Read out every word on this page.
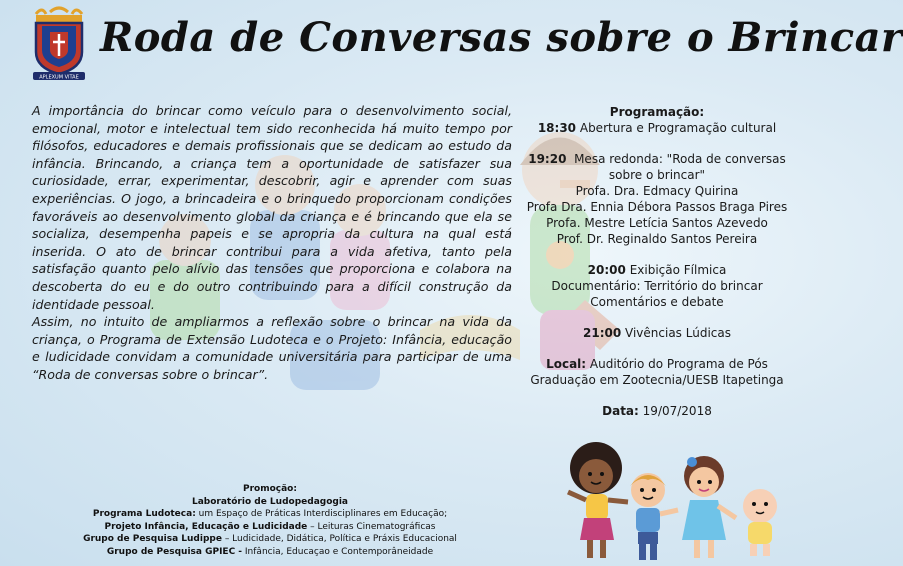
APLEXUM VITAE
Roda de Conversas sobre o Brincar

A importância do brincar como veículo para o desenvolvimento social, emocional, motor e intelectual tem sido reconhecida há muito tempo por filósofos, educadores e demais profissionais que se dedicam ao estudo da infância. Brincando, a criança tem a oportunidade de satisfazer sua curiosidade, errar, experimentar, descobrir, agir e aprender com suas experiências. O jogo, a brincadeira e o brinquedo proporcionam condições favoráveis ao desenvolvimento global da criança e é brincando que ela se socializa, desempenha papeis e se apropria da cultura na qual está inserida. O ato de brincar contribui para a vida afetiva, tanto pela satisfação quanto pelo alívio das tensões que proporciona e colabora na descoberta do eu e do outro contribuindo para a difícil construção da identidade pessoal.

Assim, no intuito de ampliarmos a reflexão sobre o brincar na vida da criança, o Programa de Extensão Ludoteca e o Projeto: Infância, educação e ludicidade convidam a comunidade universitária para participar de uma “Roda de conversas sobre o brincar”.

Programação:
18:30 Abertura e Programação cultural
19:20 Mesa redonda: "Roda de conversas sobre o brincar"
Profa. Dra. Edmacy Quirina
Profa Dra. Ennia Débora Passos Braga Pires
Profa. Mestre Letícia Santos Azevedo
Prof. Dr. Reginaldo Santos Pereira
20:00 Exibição Fílmica
Documentário: Território do brincar
Comentários e debate
21:00 Vivências Lúdicas
Local: Auditório do Programa de Pós Graduação em Zootecnia/UESB Itapetinga
Data: 19/07/2018
Promoção:
Laboratório de Ludopedagogia
Programa Ludoteca: um Espaço de Práticas Interdisciplinares em Educação;
Projeto Infância, Educação e Ludicidade – Leituras Cinematográficas
Grupo de Pesquisa Ludippe – Ludicidade, Didática, Política e Práxis Educacional
Grupo de Pesquisa GPIEC - Infância, Educaçao e Contemporâneidade
